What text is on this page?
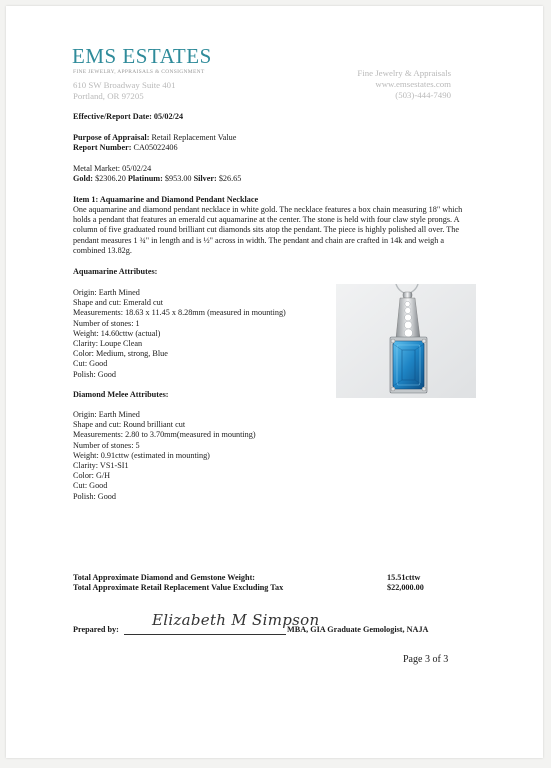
EMS ESTATES
FINE JEWELRY, APPRAISALS & CONSIGNMENT
610 SW Broadway Suite 401
Portland, OR 97205
Fine Jewelry & Appraisals
www.emsestates.com
(503)-444-7490
Effective/Report Date: 05/02/24
Purpose of Appraisal: Retail Replacement Value
Report Number: CA05022406
Metal Market: 05/02/24
Gold: $2306.20 Platinum: $953.00 Silver: $26.65
Item 1: Aquamarine and Diamond Pendant Necklace
One aquamarine and diamond pendant necklace in white gold. The necklace features a box chain measuring 18" which holds a pendant that features an emerald cut aquamarine at the center. The stone is held with four claw style prongs. A column of five graduated round brilliant cut diamonds sits atop the pendant. The piece is highly polished all over. The pendant measures 1 ¾" in length and is ½" across in width. The pendant and chain are crafted in 14k and weigh a combined 13.82g.
Aquamarine Attributes:
Origin: Earth Mined
Shape and cut: Emerald cut
Measurements: 18.63 x 11.45 x 8.28mm (measured in mounting)
Number of stones: 1
Weight: 14.60cttw (actual)
Clarity: Loupe Clean
Color: Medium, strong, Blue
Cut: Good
Polish: Good
Diamond Melee Attributes:
Origin: Earth Mined
Shape and cut: Round brilliant cut
Measurements: 2.80 to 3.70mm(measured in mounting)
Number of stones: 5
Weight: 0.91cttw (estimated in mounting)
Clarity: VS1-SI1
Color: G/H
Cut: Good
Polish: Good
Total Approximate Diamond and Gemstone Weight:	15.51cttw
Total Approximate Retail Replacement Value Excluding Tax	$22,000.00
Prepared by:
Elizabeth M Simpson
MBA, GIA Graduate Gemologist, NAJA
Page 3 of 3
